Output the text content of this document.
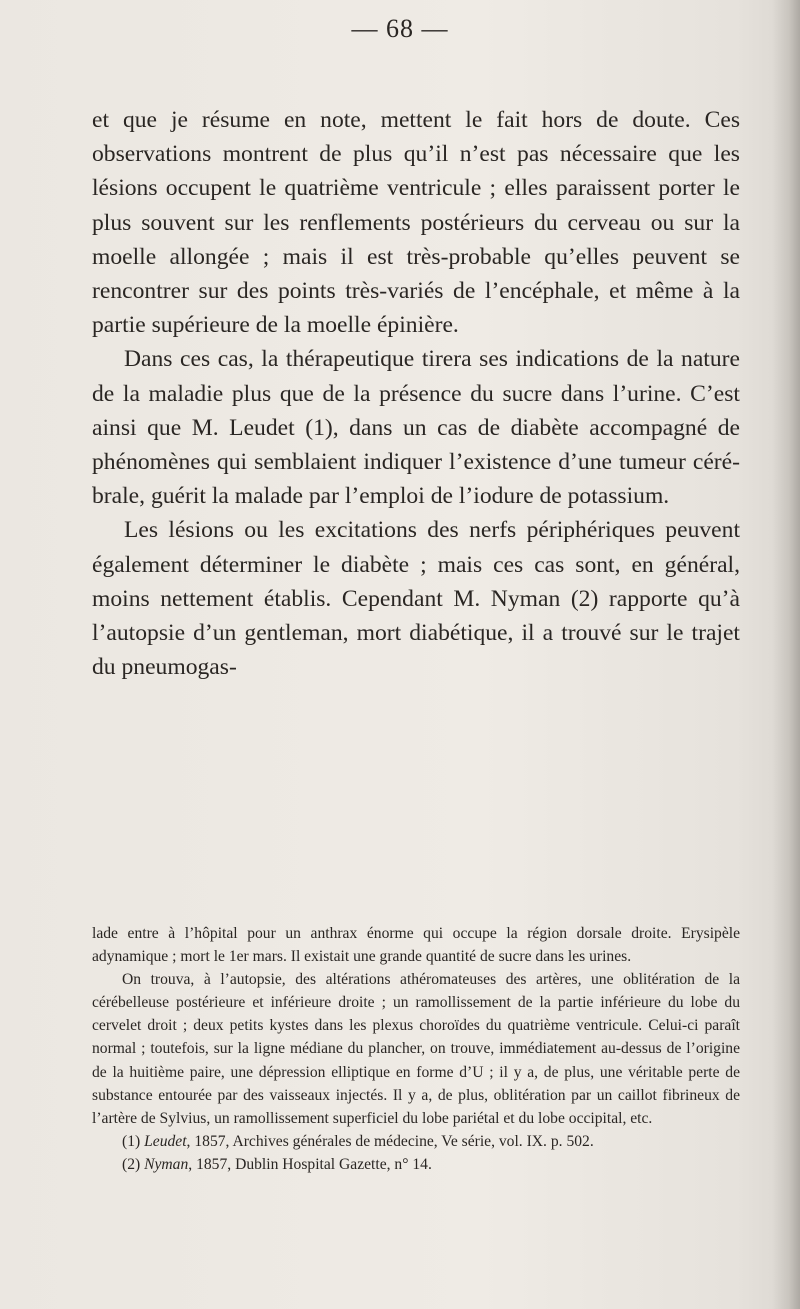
— 68 —

et que je résume en note, mettent le fait hors de doute. Ces observations montrent de plus qu’il n’est pas nécessaire que les lésions occupent le quatrième ventricule ; elles paraissent porter le plus souvent sur les renflements postérieurs du cerveau ou sur la moelle allongée ; mais il est très-probable qu’elles peuvent se rencontrer sur des points très-variés de l’encéphale, et même à la partie supérieure de la moelle épinière.

Dans ces cas, la thérapeutique tirera ses indications de la nature de la maladie plus que de la présence du sucre dans l’urine. C’est ainsi que M. Leudet (1), dans un cas de diabète accompagné de phénomènes qui semblaient indiquer l’existence d’une tumeur cérébrale, guérit la malade par l’emploi de l’iodure de potassium.

Les lésions ou les excitations des nerfs périphériques peuvent également déterminer le diabète ; mais ces cas sont, en général, moins nettement établis. Cependant M. Nyman (2) rapporte qu’à l’autopsie d’un gentleman, mort diabétique, il a trouvé sur le trajet du pneumogas-

lade entre à l’hôpital pour un anthrax énorme qui occupe la région dorsale droite. Erysipèle adynamique ; mort le 1er mars. Il existait une grande quantité de sucre dans les urines.

On trouva, à l’autopsie, des altérations athéromateuses des artères, une oblitération de la cérébelleuse postérieure et inférieure droite ; un ramollissement de la partie inférieure du lobe du cervelet droit ; deux petits kystes dans les plexus choroïdes du quatrième ventricule. Celui-ci paraît normal ; toutefois, sur la ligne médiane du plancher, on trouve, immédiatement au-dessus de l’origine de la huitième paire, une dépression elliptique en forme d’U ; il y a, de plus, une véritable perte de substance entourée par des vaisseaux injectés. Il y a, de plus, oblitération par un caillot fibrineux de l’artère de Sylvius, un ramollissement superficiel du lobe pariétal et du lobe occipital, etc.

(1) Leudet, 1857, Archives générales de médecine, Ve série, vol. IX. p. 502.

(2) Nyman, 1857, Dublin Hospital Gazette, n° 14.
